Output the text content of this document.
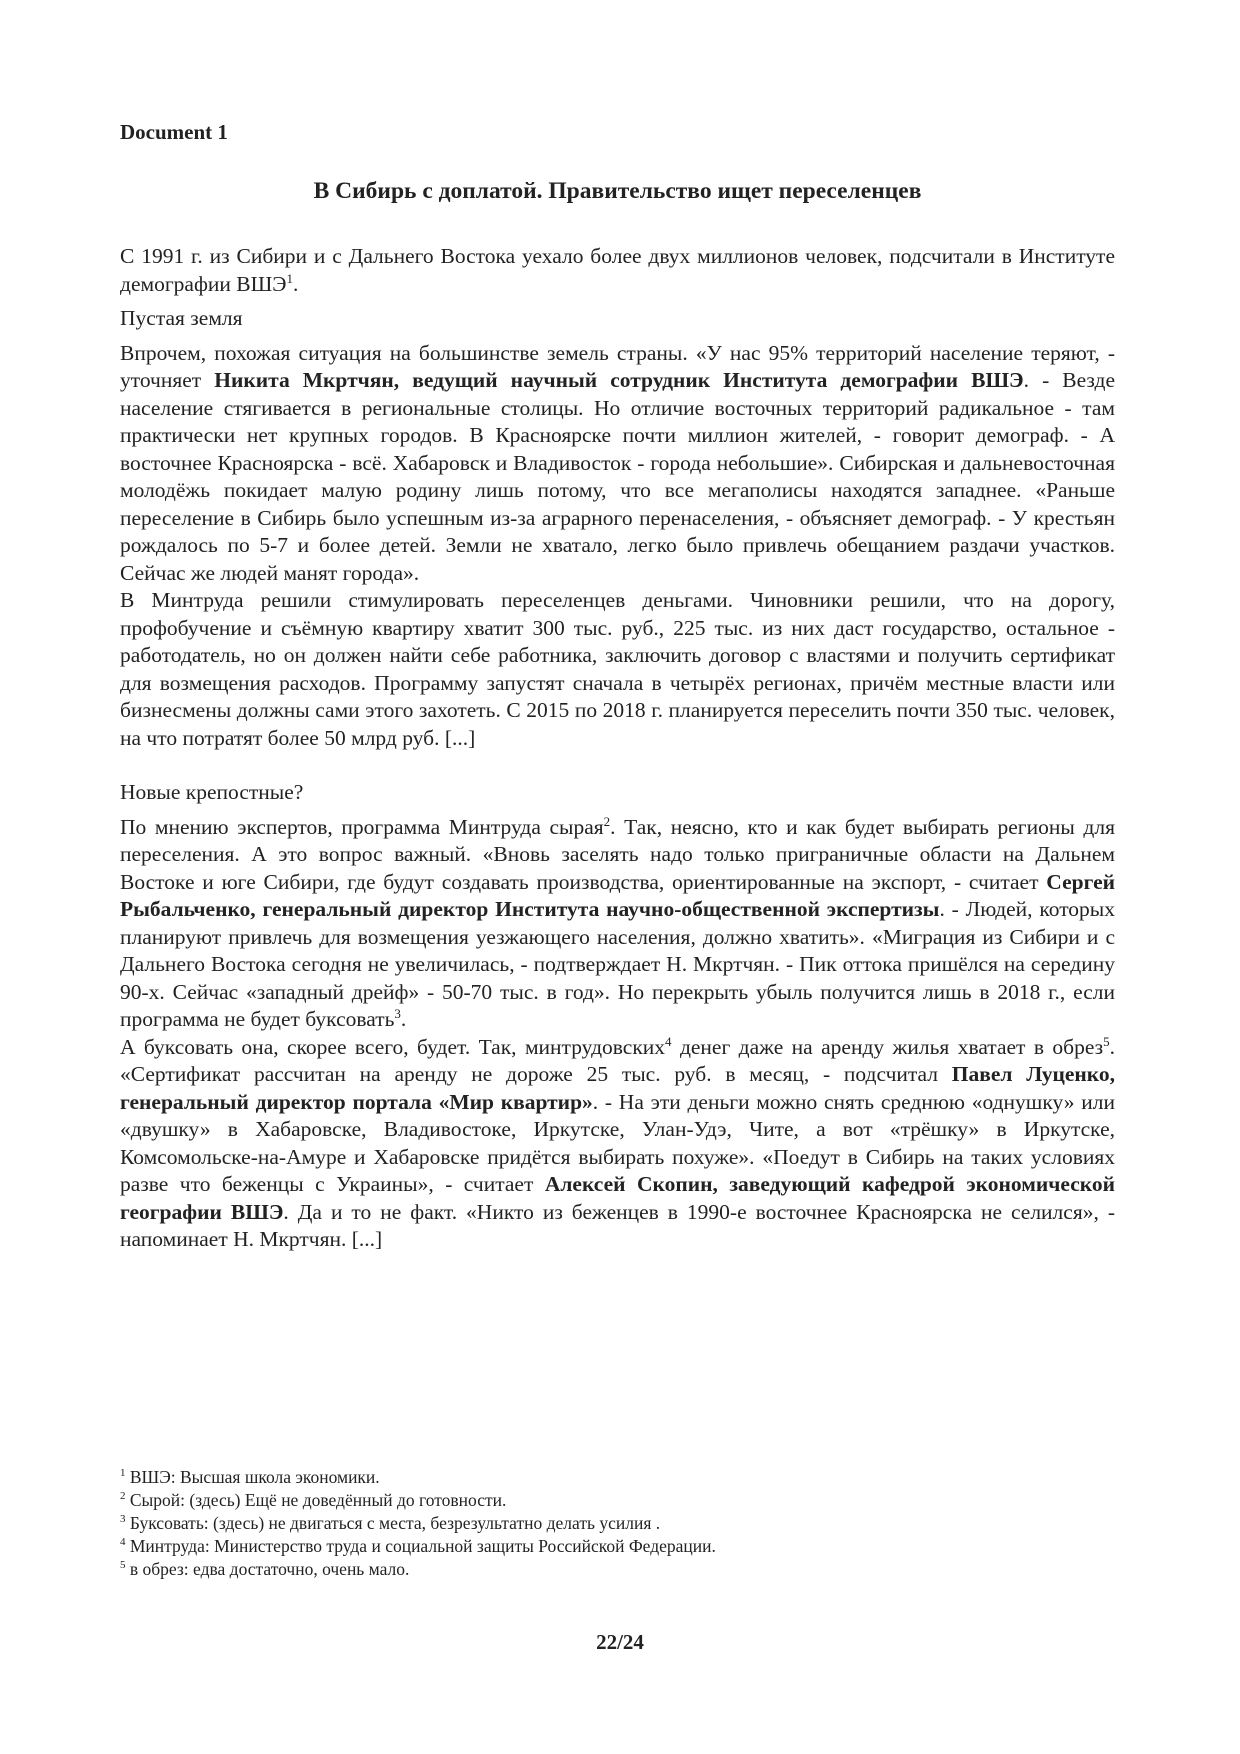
Document 1

В Сибирь с доплатой. Правительство ищет переселенцев

С 1991 г. из Сибири и с Дальнего Востока уехало более двух миллионов человек, подсчитали в Институте демографии ВШЭ$^1$.

Пустая земля

Впрочем, похожая ситуация на большинстве земель страны. «У нас 95% территорий население теряют, - уточняет Никита Мкртчян, ведущий научный сотрудник Института демографии ВШЭ. - Везде население стягивается в региональные столицы. Но отличие восточных территорий радикальное - там практически нет крупных городов. В Красноярске почти миллион жителей, - говорит демограф. - А восточнее Красноярска - всё. Хабаровск и Владивосток - города небольшие». Сибирская и дальневосточная молодёжь покидает малую родину лишь потому, что все мегаполисы находятся западнее. «Раньше переселение в Сибирь было успешным из-за аграрного перенаселения, - объясняет демограф. - У крестьян рождалось по 5-7 и более детей. Земли не хватало, легко было привлечь обещанием раздачи участков. Сейчас же людей манят города».

В Минтруда решили стимулировать переселенцев деньгами. Чиновники решили, что на дорогу, профобучение и съёмную квартиру хватит 300 тыс. руб., 225 тыс. из них даст государство, остальное - работодатель, но он должен найти себе работника, заключить договор с властями и получить сертификат для возмещения расходов. Программу запустят сначала в четырёх регионах, причём местные власти или бизнесмены должны сами этого захотеть. С 2015 по 2018 г. планируется переселить почти 350 тыс. человек, на что потратят более 50 млрд руб. [...]

Новые крепостные?

По мнению экспертов, программа Минтруда сырая$^2$. Так, неясно, кто и как будет выбирать регионы для переселения. А это вопрос важный. «Вновь заселять надо только приграничные области на Дальнем Востоке и юге Сибири, где будут создавать производства, ориентированные на экспорт, - считает Сергей Рыбальченко, генеральный директор Института научно-общественной экспертизы. - Людей, которых планируют привлечь для возмещения уезжающего населения, должно хватить». «Миграция из Сибири и с Дальнего Востока сегодня не увеличилась, - подтверждает Н. Мкртчян. - Пик оттока пришёлся на середину 90-х. Сейчас «западный дрейф» - 50-70 тыс. в год». Но перекрыть убыль получится лишь в 2018 г., если программа не будет буксовать$^3$.

А буксовать она, скорее всего, будет. Так, минтрудовских$^4$ денег даже на аренду жилья хватает в обрез$^5$. «Сертификат рассчитан на аренду не дороже 25 тыс. руб. в месяц, - подсчитал Павел Луценко, генеральный директор портала «Мир квартир». - На эти деньги можно снять среднюю «однушку» или «двушку» в Хабаровске, Владивостоке, Иркутске, Улан-Удэ, Чите, а вот «трёшку» в Иркутске, Комсомольске-на-Амуре и Хабаровске придётся выбирать похуже». «Поедут в Сибирь на таких условиях разве что беженцы с Украины», - считает Алексей Скопин, заведующий кафедрой экономической географии ВШЭ. Да и то не факт. «Никто из беженцев в 1990-е восточнее Красноярска не селился», - напоминает Н. Мкртчян. [...]

$^1$ ВШЭ: Высшая школа экономики.
$^2$ Сырой: (здесь) Ещё не доведённый до готовности.
$^3$ Буксовать: (здесь) не двигаться с места, безрезультатно делать усилия .
$^4$ Минтруда: Министерство труда и социальной защиты Российской Федерации.
$^5$ в обрез: едва достаточно, очень мало.
22/24
